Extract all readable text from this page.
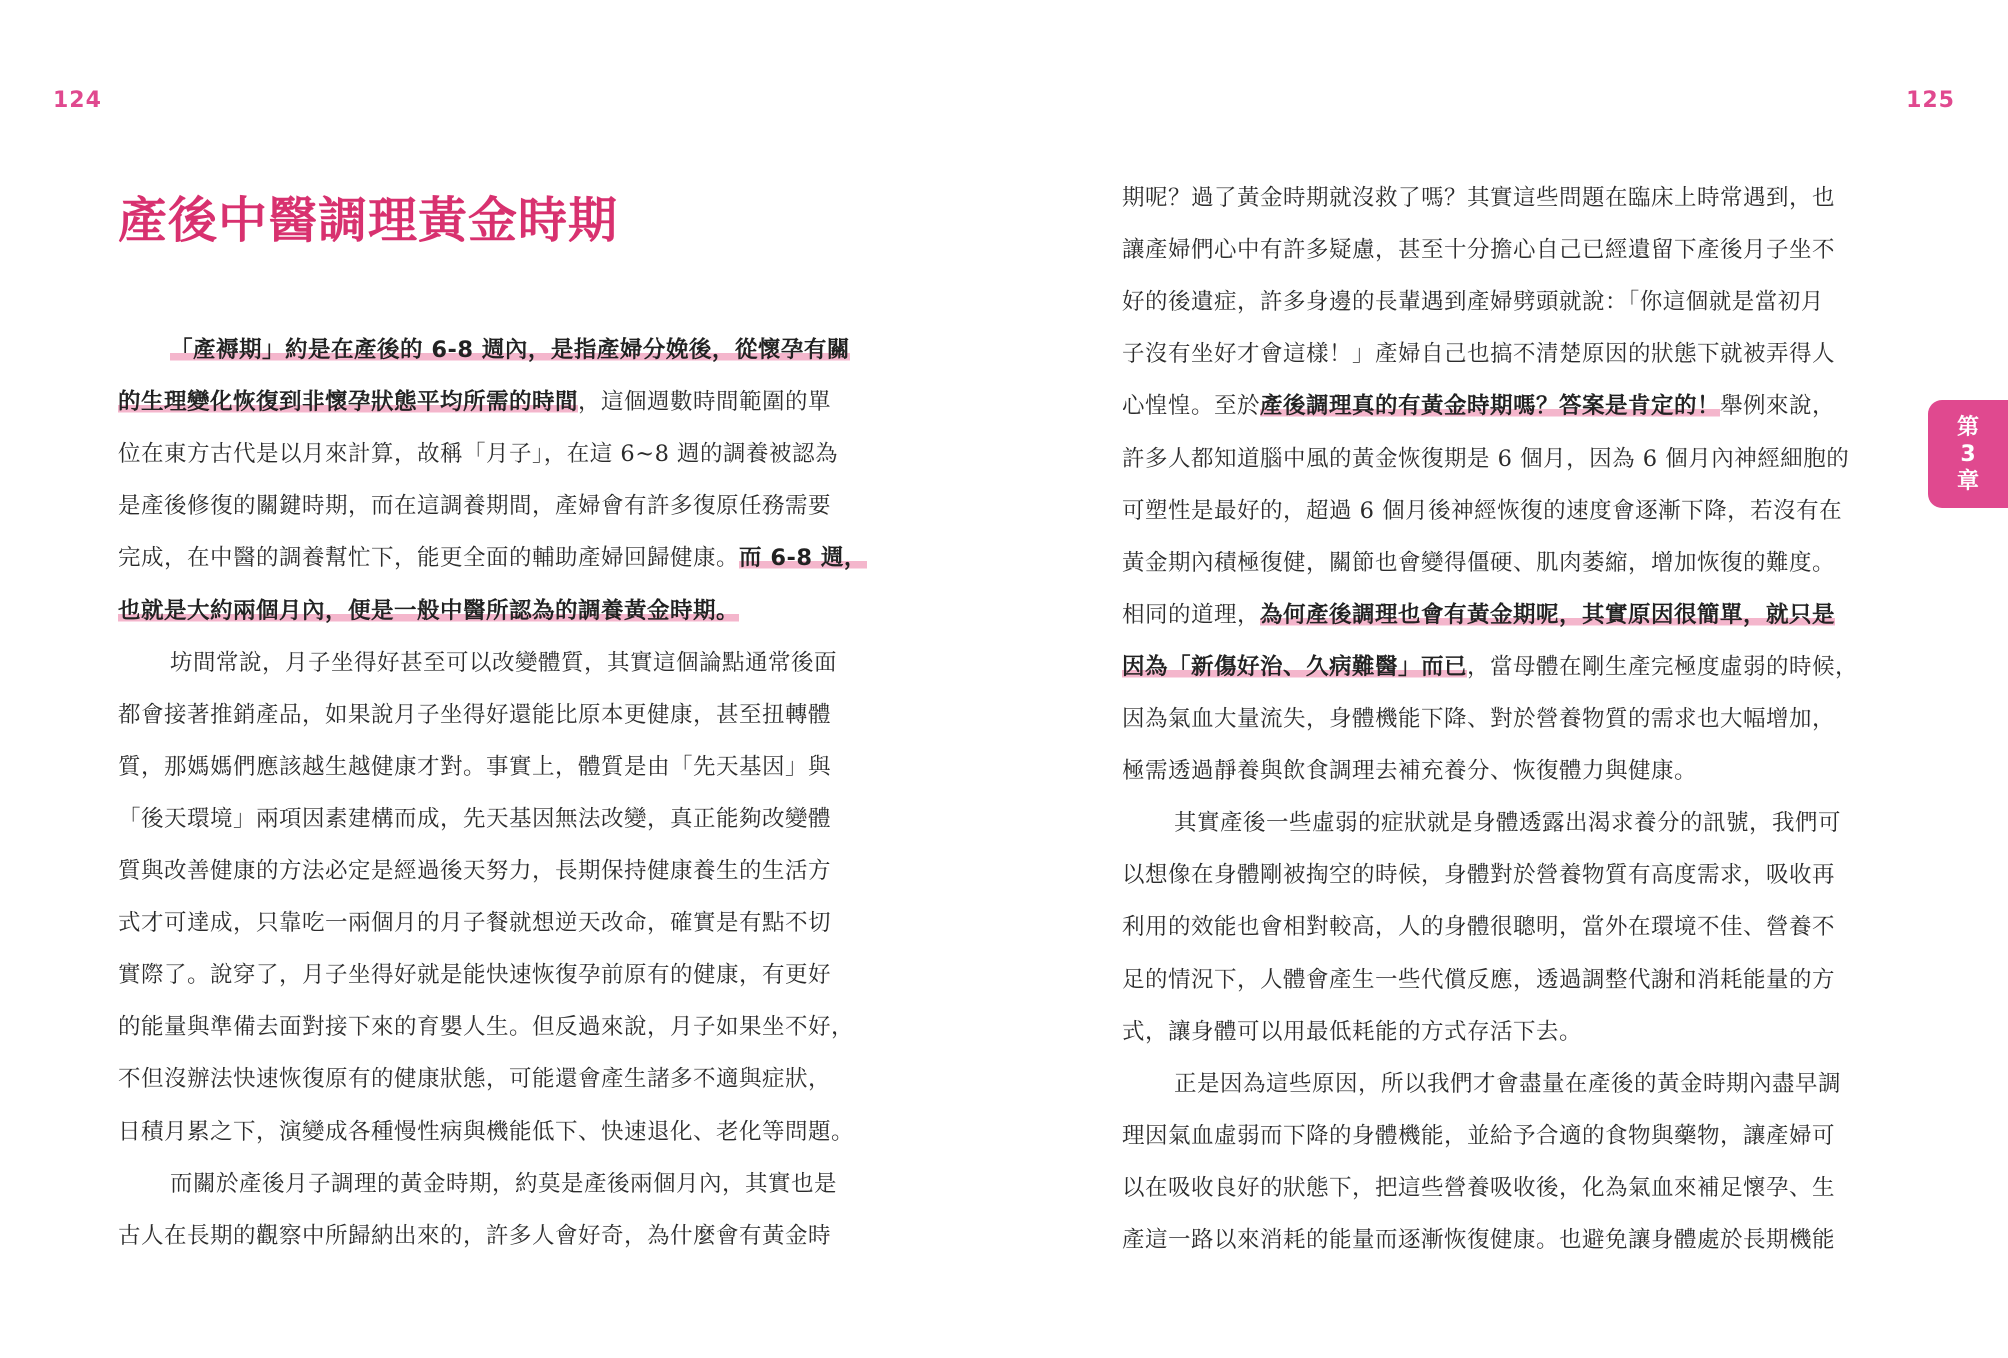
124	125
產後中醫調理黃金時期
「產褥期」約是在產後的 6-8 週內，是指產婦分娩後，從懷孕有關
的生理變化恢復到非懷孕狀態平均所需的時間，這個週數時間範圍的單
位在東方古代是以月來計算，故稱「月子」，在這 6~8 週的調養被認為
是產後修復的關鍵時期，而在這調養期間，產婦會有許多復原任務需要
完成，在中醫的調養幫忙下，能更全面的輔助產婦回歸健康。而 6-8 週，
也就是大約兩個月內，便是一般中醫所認為的調養黃金時期。
坊間常說，月子坐得好甚至可以改變體質，其實這個論點通常後面
都會接著推銷產品，如果說月子坐得好還能比原本更健康，甚至扭轉體
質，那媽媽們應該越生越健康才對。事實上，體質是由「先天基因」與
「後天環境」兩項因素建構而成，先天基因無法改變，真正能夠改變體
質與改善健康的方法必定是經過後天努力，長期保持健康養生的生活方
式才可達成，只靠吃一兩個月的月子餐就想逆天改命，確實是有點不切
實際了。說穿了，月子坐得好就是能快速恢復孕前原有的健康，有更好
的能量與準備去面對接下來的育嬰人生。但反過來說，月子如果坐不好，
不但沒辦法快速恢復原有的健康狀態，可能還會產生諸多不適與症狀，
日積月累之下，演變成各種慢性病與機能低下、快速退化、老化等問題。
而關於產後月子調理的黃金時期，約莫是產後兩個月內，其實也是
古人在長期的觀察中所歸納出來的，許多人會好奇，為什麼會有黃金時
期呢？過了黃金時期就沒救了嗎？其實這些問題在臨床上時常遇到，也
讓產婦們心中有許多疑慮，甚至十分擔心自己已經遺留下產後月子坐不
好的後遺症，許多身邊的長輩遇到產婦劈頭就說：「你這個就是當初月
子沒有坐好才會這樣！」產婦自己也搞不清楚原因的狀態下就被弄得人
心惶惶。至於產後調理真的有黃金時期嗎？答案是肯定的！舉例來說，
許多人都知道腦中風的黃金恢復期是 6 個月，因為 6 個月內神經細胞的
可塑性是最好的，超過 6 個月後神經恢復的速度會逐漸下降，若沒有在
黃金期內積極復健，關節也會變得僵硬、肌肉萎縮，增加恢復的難度。
相同的道理，為何產後調理也會有黃金期呢，其實原因很簡單，就只是
因為「新傷好治、久病難醫」而已，當母體在剛生產完極度虛弱的時候，
因為氣血大量流失，身體機能下降、對於營養物質的需求也大幅增加，
極需透過靜養與飲食調理去補充養分、恢復體力與健康。
其實產後一些虛弱的症狀就是身體透露出渴求養分的訊號，我們可
以想像在身體剛被掏空的時候，身體對於營養物質有高度需求，吸收再
利用的效能也會相對較高，人的身體很聰明，當外在環境不佳、營養不
足的情況下，人體會產生一些代償反應，透過調整代謝和消耗能量的方
式，讓身體可以用最低耗能的方式存活下去。
正是因為這些原因，所以我們才會盡量在產後的黃金時期內盡早調
理因氣血虛弱而下降的身體機能，並給予合適的食物與藥物，讓產婦可
以在吸收良好的狀態下，把這些營養吸收後，化為氣血來補足懷孕、生
產這一路以來消耗的能量而逐漸恢復健康。也避免讓身體處於長期機能
第
3
章
